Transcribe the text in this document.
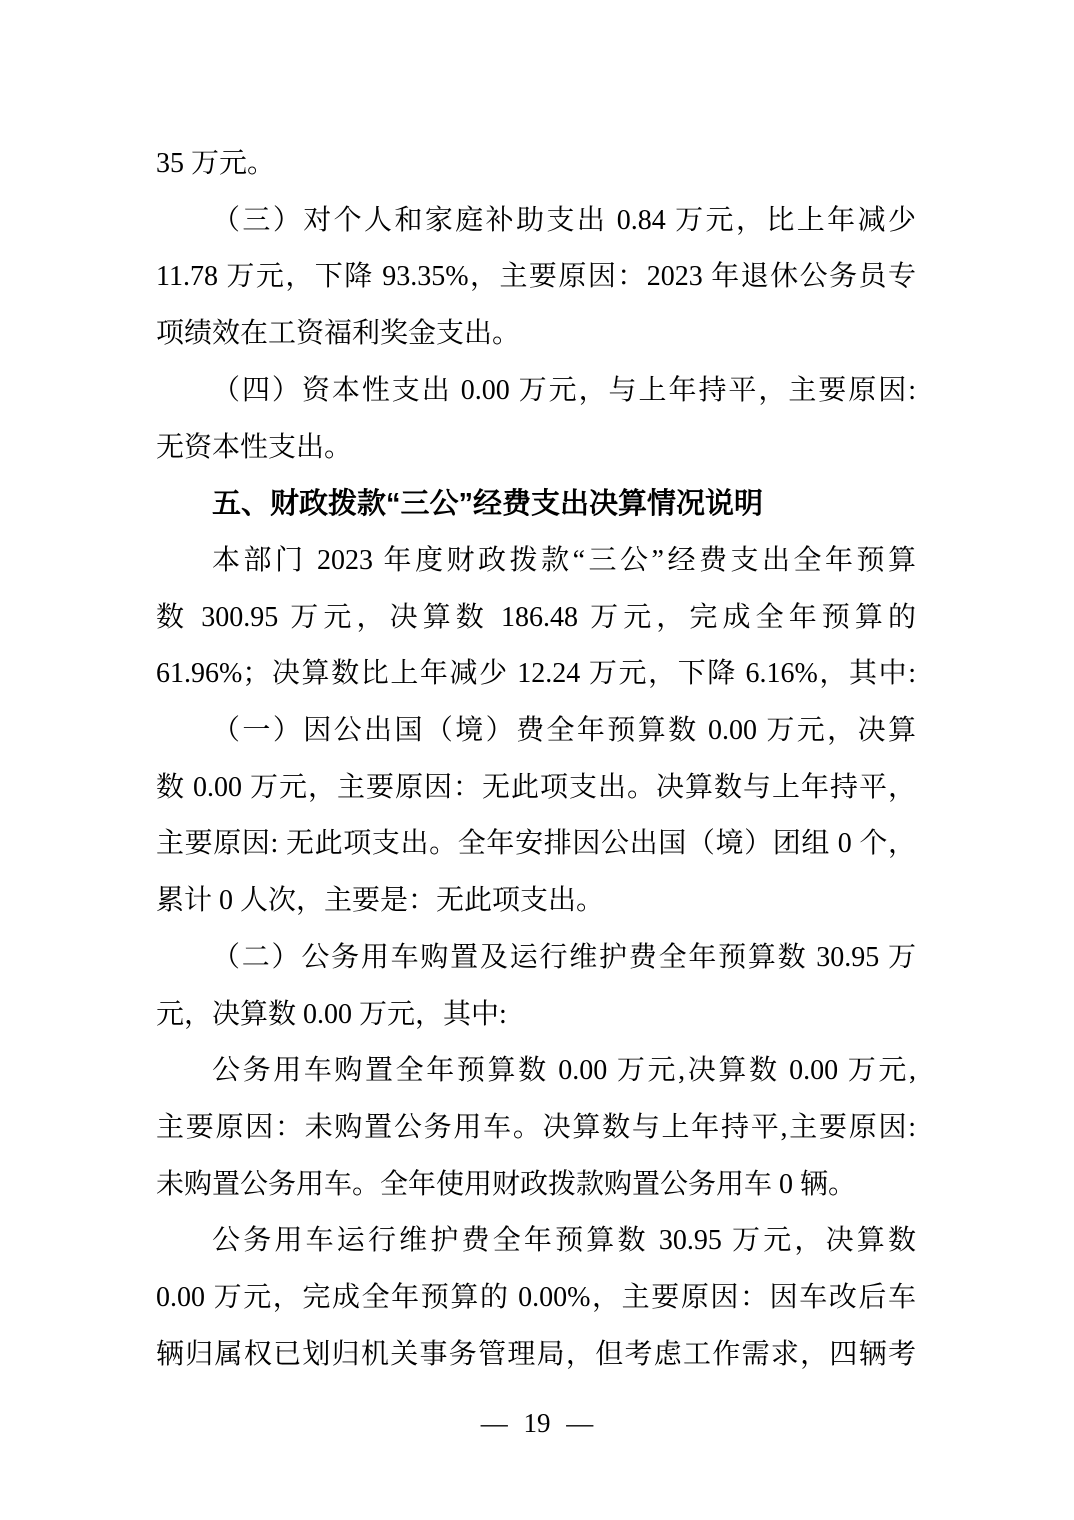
35 万元。
（三）对个人和家庭补助支出 0.84 万元，比上年减少
11.78 万元，下降 93.35%，主要原因：2023 年退休公务员专
项绩效在工资福利奖金支出。
（四）资本性支出 0.00 万元，与上年持平，主要原因:
无资本性支出。
五、财政拨款“三公”经费支出决算情况说明
本部门 2023 年度财政拨款“三公”经费支出全年预算
数 300.95 万元，决算数 186.48 万元，完成全年预算的
61.96%；决算数比上年减少 12.24 万元，下降 6.16%，其中:
（一）因公出国（境）费全年预算数 0.00 万元，决算
数 0.00 万元，主要原因：无此项支出。决算数与上年持平，
主要原因: 无此项支出。全年安排因公出国（境）团组 0 个，
累计 0 人次，主要是：无此项支出。
（二）公务用车购置及运行维护费全年预算数 30.95 万
元，决算数 0.00 万元，其中:
公务用车购置全年预算数 0.00 万元,决算数 0.00 万元,
主要原因：未购置公务用车。决算数与上年持平,主要原因:
未购置公务用车。全年使用财政拨款购置公务用车 0 辆。
公务用车运行维护费全年预算数 30.95 万元，决算数
0.00 万元，完成全年预算的 0.00%，主要原因：因车改后车
辆归属权已划归机关事务管理局，但考虑工作需求，四辆考
— 19 —
